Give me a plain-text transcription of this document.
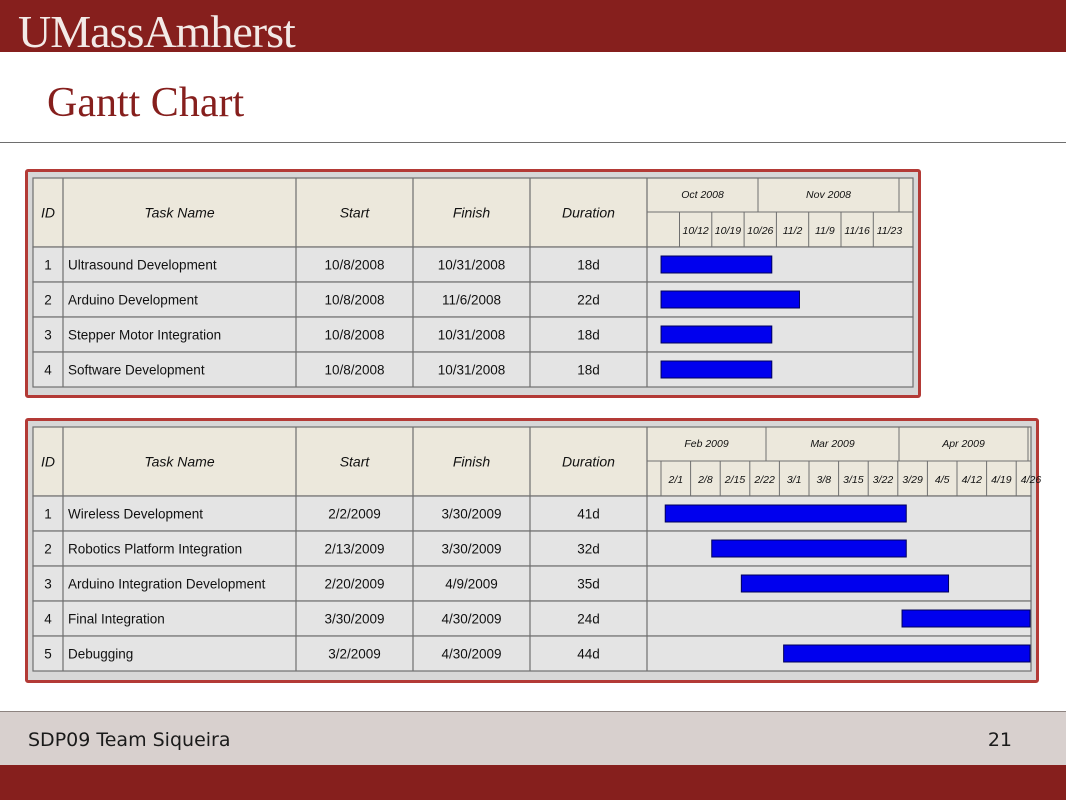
UMassAmherst
Gantt Chart
ID	Task Name	Start	Finish	Duration
Oct 2008	Nov 2008
10/12 10/19 10/26 11/2 11/9 11/16 11/23
1 Ultrasound Development	10/8/2008	10/31/2008	18d
2 Arduino Development	10/8/2008	11/6/2008	22d
3 Stepper Motor Integration	10/8/2008	10/31/2008	18d
4 Software Development	10/8/2008	10/31/2008	18d
ID	Task Name	Start	Finish	Duration
Feb 2009	Mar 2009	Apr 2009
2/1 2/8 2/15 2/22 3/1 3/8 3/15 3/22 3/29 4/5 4/12 4/19 4/26
1 Wireless Development	2/2/2009	3/30/2009	41d
2 Robotics Platform Integration	2/13/2009	3/30/2009	32d
3 Arduino Integration Development	2/20/2009	4/9/2009	35d
4 Final Integration	3/30/2009	4/30/2009	24d
5 Debugging	3/2/2009	4/30/2009	44d
SDP09 Team Siqueira	21
